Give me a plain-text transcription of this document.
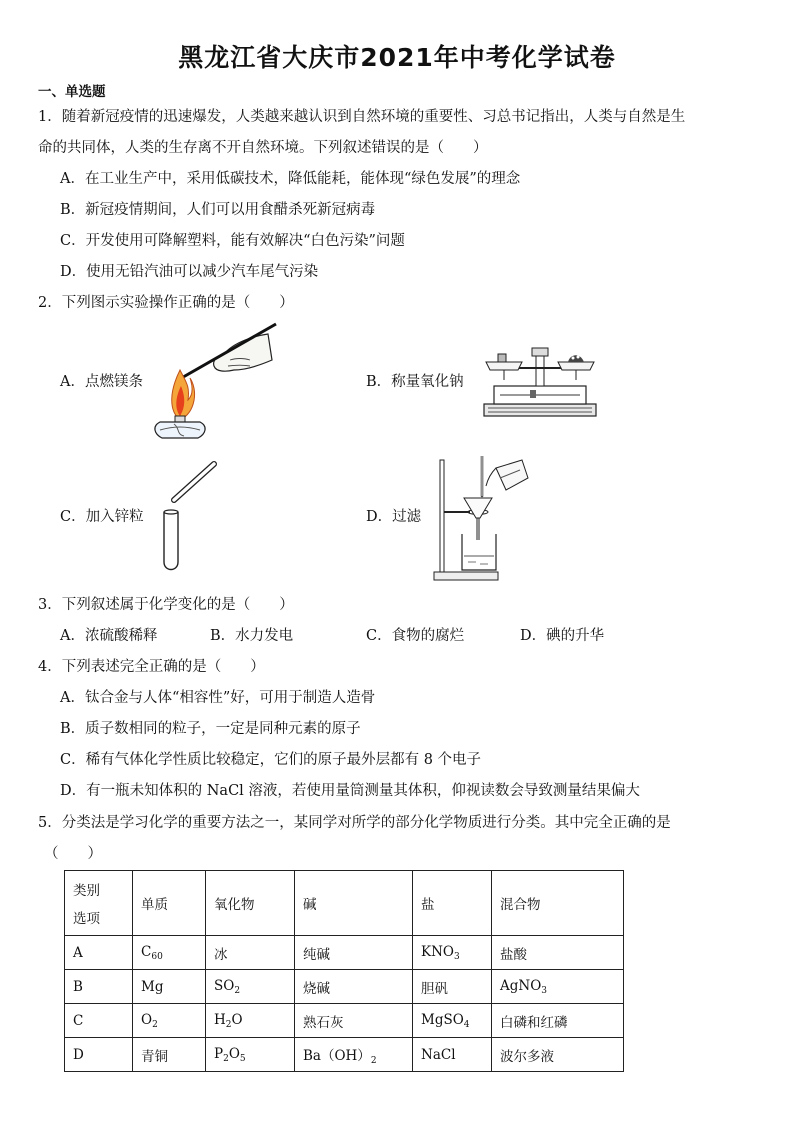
黑龙江省大庆市2021年中考化学试卷
一、单选题
1．随着新冠疫情的迅速爆发，人类越来越认识到自然环境的重要性、习总书记指出，人类与自然是生
命的共同体，人类的生存离不开自然环境。下列叙述错误的是（　　）
A．在工业生产中，采用低碳技术，降低能耗，能体现“绿色发展”的理念
B．新冠疫情期间，人们可以用食醋杀死新冠病毒
C．开发使用可降解塑料，能有效解决“白色污染”问题
D．使用无铅汽油可以减少汽车尾气污染
2．下列图示实验操作正确的是（　　）
A．点燃镁条	B．称量氧化钠
C．加入锌粒	D．过滤
3．下列叙述属于化学变化的是（　　）
A．浓硫酸稀释	B．水力发电	C．食物的腐烂	D．碘的升华
4．下列表述完全正确的是（　　）
A．钛合金与人体“相容性”好，可用于制造人造骨
B．质子数相同的粒子，一定是同种元素的原子
C．稀有气体化学性质比较稳定，它们的原子最外层都有 8 个电子
D．有一瓶未知体积的 NaCl 溶液，若使用量筒测量其体积，仰视读数会导致测量结果偏大
5．分类法是学习化学的重要方法之一，某同学对所学的部分化学物质进行分类。其中完全正确的是
（　　）
类别
选项	单质	氧化物	碱	盐	混合物
A	$C_{60}$	冰	纯碱	$KNO_3$	盐酸
B	Mg	$SO_2$	烧碱	胆矾	AgNO$_3$
C	$O_2$	$H_2O$	熟石灰	MgSO$_4$	白磷和红磷
D	青铜	$P_2O_5$	$Ba(OH)_2$	NaCl	波尔多液
